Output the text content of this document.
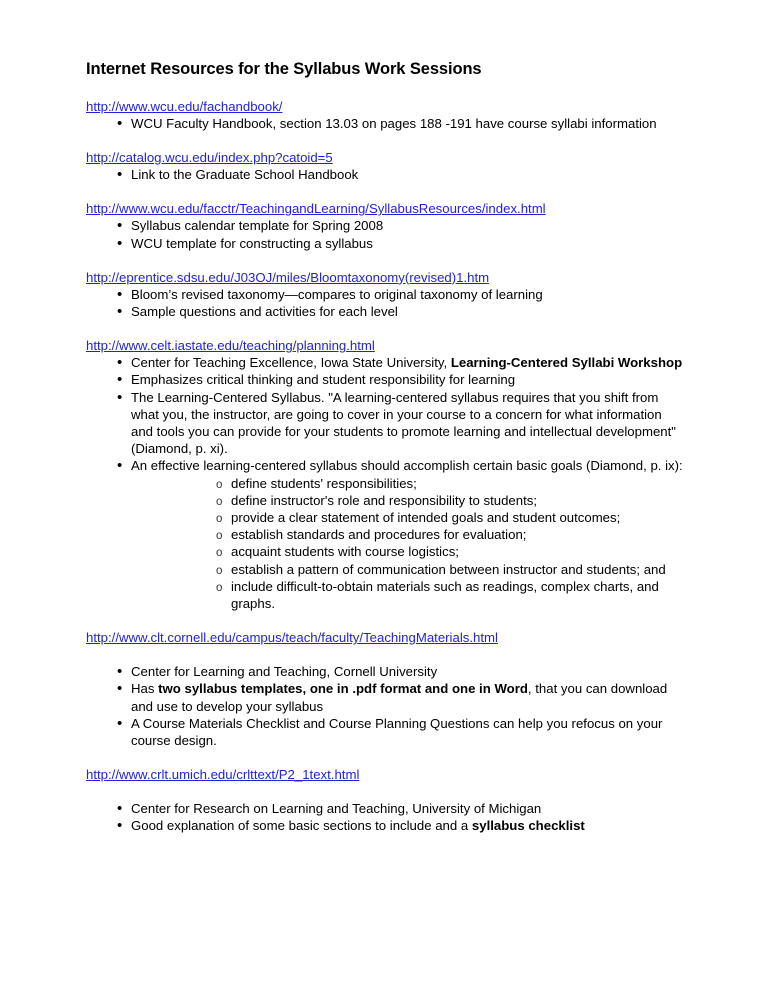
Internet Resources for the Syllabus Work Sessions
http://www.wcu.edu/fachandbook/
•
WCU Faculty Handbook, section 13.03 on pages 188 -191 have course syllabi information
http://catalog.wcu.edu/index.php?catoid=5
•
Link to the Graduate School Handbook
http://www.wcu.edu/facctr/TeachingandLearning/SyllabusResources/index.html
•
Syllabus calendar template for Spring 2008
•
WCU template for constructing a syllabus
http://eprentice.sdsu.edu/J03OJ/miles/Bloomtaxonomy(revised)1.htm
•
Bloom’s revised taxonomy—compares to original taxonomy of learning
•
Sample questions and activities for each level
http://www.celt.iastate.edu/teaching/planning.html
•
Center for Teaching Excellence, Iowa State University, Learning-Centered Syllabi Workshop
•
Emphasizes critical thinking and student responsibility for learning
•
The Learning-Centered Syllabus. "A learning-centered syllabus requires that you shift from what you, the instructor, are going to cover in your course to a concern for what information and tools you can provide for your students to promote learning and intellectual development" (Diamond, p. xi).
•
An effective learning-centered syllabus should accomplish certain basic goals (Diamond, p. ix):
o
define students' responsibilities;
o
define instructor's role and responsibility to students;
o
provide a clear statement of intended goals and student outcomes;
o
establish standards and procedures for evaluation;
o
acquaint students with course logistics;
o
establish a pattern of communication between instructor and students; and
o
include difficult-to-obtain materials such as readings, complex charts, and graphs.
http://www.clt.cornell.edu/campus/teach/faculty/TeachingMaterials.html
•
Center for Learning and Teaching, Cornell University
•
Has two syllabus templates, one in .pdf format and one in Word, that you can download and use to develop your syllabus
•
A Course Materials Checklist and Course Planning Questions can help you refocus on your course design.
http://www.crlt.umich.edu/crlttext/P2_1text.html
•
Center for Research on Learning and Teaching, University of Michigan
•
Good explanation of some basic sections to include and a syllabus checklist
